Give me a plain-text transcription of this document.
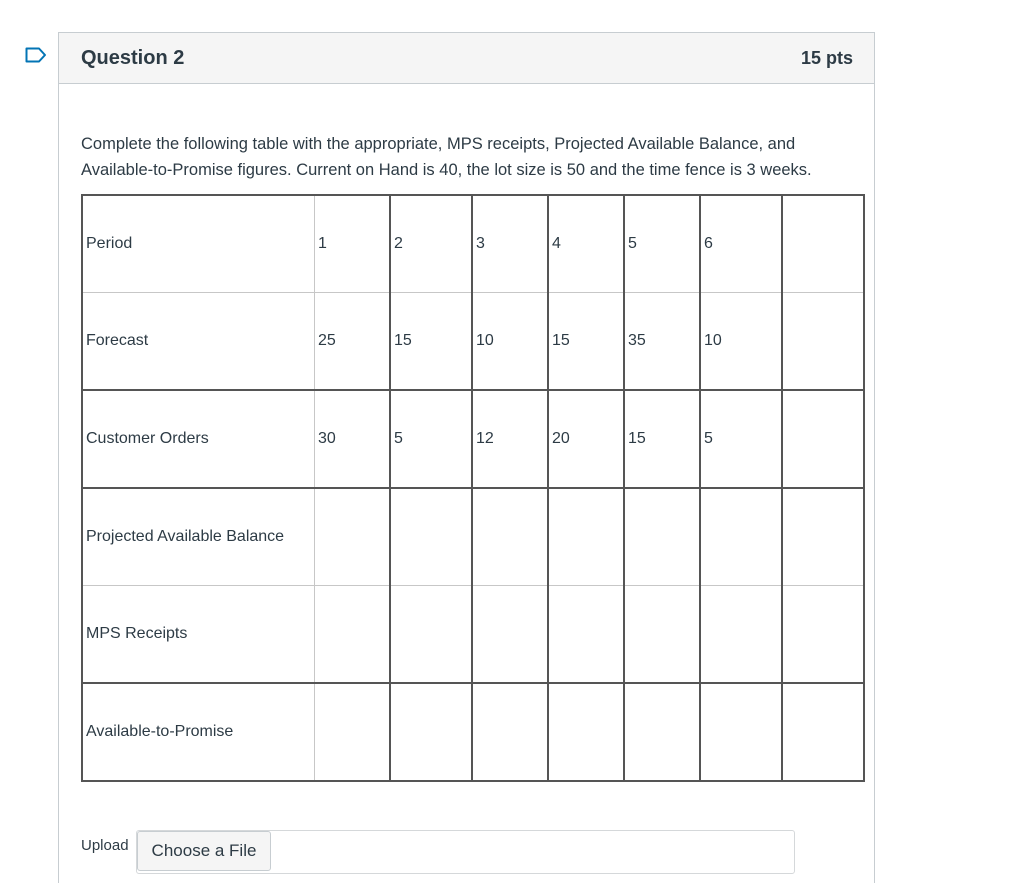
Question 2	15 pts
Complete the following table with the appropriate, MPS receipts, Projected Available Balance, and Available-to-Promise figures. Current on Hand is 40, the lot size is 50 and the time fence is 3 weeks.
Period	1	2	3	4	5	6	
Forecast	25	15	10	15	35	10	
Customer Orders	30	5	12	20	15	5	
Projected Available Balance							
MPS Receipts							
Available-to-Promise							
Upload	Choose a File
